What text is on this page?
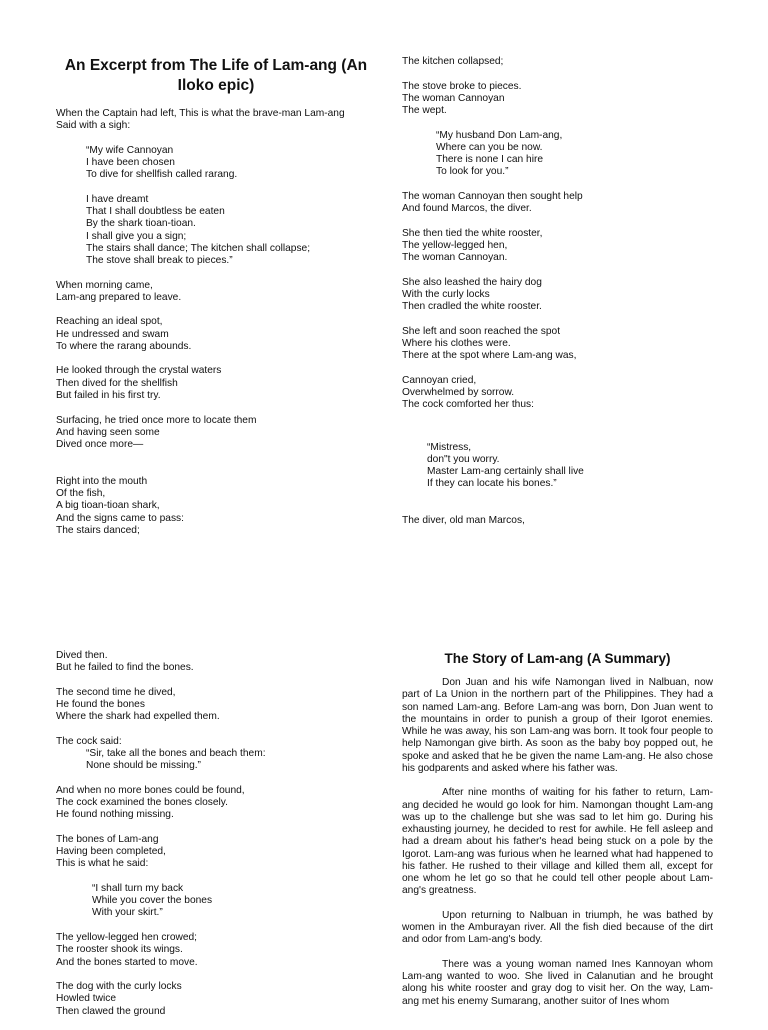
An Excerpt from The Life of Lam-ang (An Iloko epic)
When the Captain had left, This is what the brave-man Lam-ang
Said with a sigh:
“My wife Cannoyan
I have been chosen
To dive for shellfish called rarang.
I have dreamt
That I shall doubtless be eaten
By the shark tioan-tioan.
I shall give you a sign;
The stairs shall dance; The kitchen shall collapse;
The stove shall break to pieces.”
When morning came,
Lam-ang prepared to leave.
Reaching an ideal spot,
He undressed and swam
To where the rarang abounds.
He looked through the crystal waters
Then dived for the shellfish
But failed in his first try.
Surfacing, he tried once more to locate them
And having seen some
Dived once more—
Right into the mouth
Of the fish,
A big tioan-tioan shark,
And the signs came to pass:
The stairs danced;
The kitchen collapsed;
The stove broke to pieces.
The woman Cannoyan
The wept.
“My husband Don Lam-ang,
Where can you be now.
There is none I can hire
To look for you.”
The woman Cannoyan then sought help
And found Marcos, the diver.
She then tied the white rooster,
The yellow-legged hen,
The woman Cannoyan.
She also leashed the hairy dog
With the curly locks
Then cradled the white rooster.
She left and soon reached the spot
Where his clothes were.
There at the spot where Lam-ang was,
Cannoyan cried,
Overwhelmed by sorrow.
The cock comforted her thus:
“Mistress,
don"t you worry.
Master Lam-ang certainly shall live
If they can locate his bones.”
The diver, old man Marcos,
Dived then.
But he failed to find the bones.
The second time he dived,
He found the bones
Where the shark had expelled them.
The cock said:
“Sir, take all the bones and beach them:
None should be missing.”
And when no more bones could be found,
The cock examined the bones closely.
He found nothing missing.
The bones of Lam-ang
Having been completed,
This is what he said:
“I shall turn my back
While you cover the bones
With your skirt.”
The yellow-legged hen crowed;
The rooster shook its wings.
And the bones started to move.
The dog with the curly locks
Howled twice
Then clawed the ground
The Story of Lam-ang (A Summary)
Don Juan and his wife Namongan lived in Nalbuan, now part of La Union in the northern part of the Philippines. They had a son named Lam-ang. Before Lam-ang was born, Don Juan went to the mountains in order to punish a group of their Igorot enemies. While he was away, his son Lam-ang was born. It took four people to help Namongan give birth. As soon as the baby boy popped out, he spoke and asked that he be given the name Lam-ang. He also chose his godparents and asked where his father was.
After nine months of waiting for his father to return, Lam-ang decided he would go look for him. Namongan thought Lam-ang was up to the challenge but she was sad to let him go. During his exhausting journey, he decided to rest for awhile. He fell asleep and had a dream about his father's head being stuck on a pole by the Igorot. Lam-ang was furious when he learned what had happened to his father. He rushed to their village and killed them all, except for one whom he let go so that he could tell other people about Lam-ang's greatness.
Upon returning to Nalbuan in triumph, he was bathed by women in the Amburayan river. All the fish died because of the dirt and odor from Lam-ang's body.
There was a young woman named Ines Kannoyan whom Lam-ang wanted to woo. She lived in Calanutian and he brought along his white rooster and gray dog to visit her. On the way, Lam-ang met his enemy Sumarang, another suitor of Ines whom
